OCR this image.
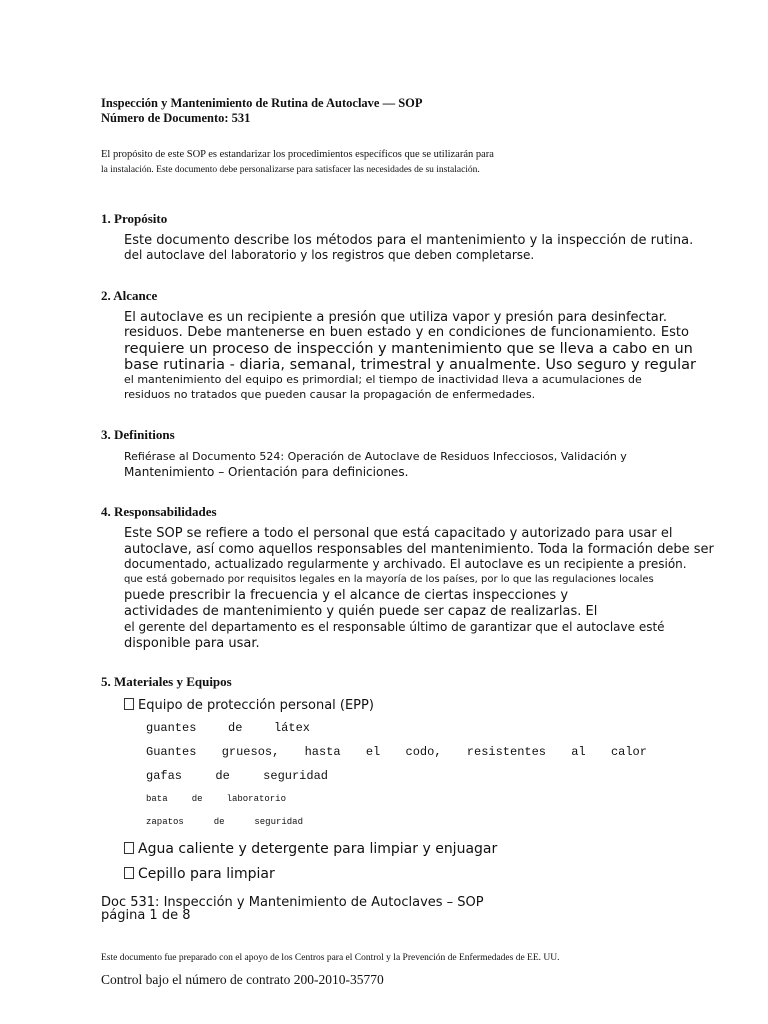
Inspección y Mantenimiento de Rutina de Autoclave — SOP
Número de Documento: 531
El propósito de este SOP es estandarizar los procedimientos específicos que se utilizarán para
la instalación. Este documento debe personalizarse para satisfacer las necesidades de su instalación.
1. Propósito
Este documento describe los métodos para el mantenimiento y la inspección de rutina.
del autoclave del laboratorio y los registros que deben completarse.
2. Alcance
El autoclave es un recipiente a presión que utiliza vapor y presión para desinfectar.
residuos. Debe mantenerse en buen estado y en condiciones de funcionamiento. Esto
requiere un proceso de inspección y mantenimiento que se lleva a cabo en un
base rutinaria - diaria, semanal, trimestral y anualmente. Uso seguro y regular
el mantenimiento del equipo es primordial; el tiempo de inactividad lleva a acumulaciones de
residuos no tratados que pueden causar la propagación de enfermedades.
3. Definitions
Refiérase al Documento 524: Operación de Autoclave de Residuos Infecciosos, Validación y
Mantenimiento – Orientación para definiciones.
4. Responsabilidades
Este SOP se refiere a todo el personal que está capacitado y autorizado para usar el
autoclave, así como aquellos responsables del mantenimiento. Toda la formación debe ser
documentado, actualizado regularmente y archivado. El autoclave es un recipiente a presión.
que está gobernado por requisitos legales en la mayoría de los países, por lo que las regulaciones locales
puede prescribir la frecuencia y el alcance de ciertas inspecciones y
actividades de mantenimiento y quién puede ser capaz de realizarlas. El
el gerente del departamento es el responsable último de garantizar que el autoclave esté
disponible para usar.
5. Materiales y Equipos
Equipo de protección personal (EPP)
guantes	de	látex
Guantes gruesos, hasta el codo, resistentes al calor
gafas	de	seguridad
bata	de	laboratorio
zapatos	de	seguridad
Agua caliente y detergente para limpiar y enjuagar
Cepillo para limpiar
Doc 531: Inspección y Mantenimiento de Autoclaves – SOP
página 1 de 8
Este documento fue preparado con el apoyo de los Centros para el Control y la Prevención de Enfermedades de EE. UU.
Control bajo el número de contrato 200-2010-35770
